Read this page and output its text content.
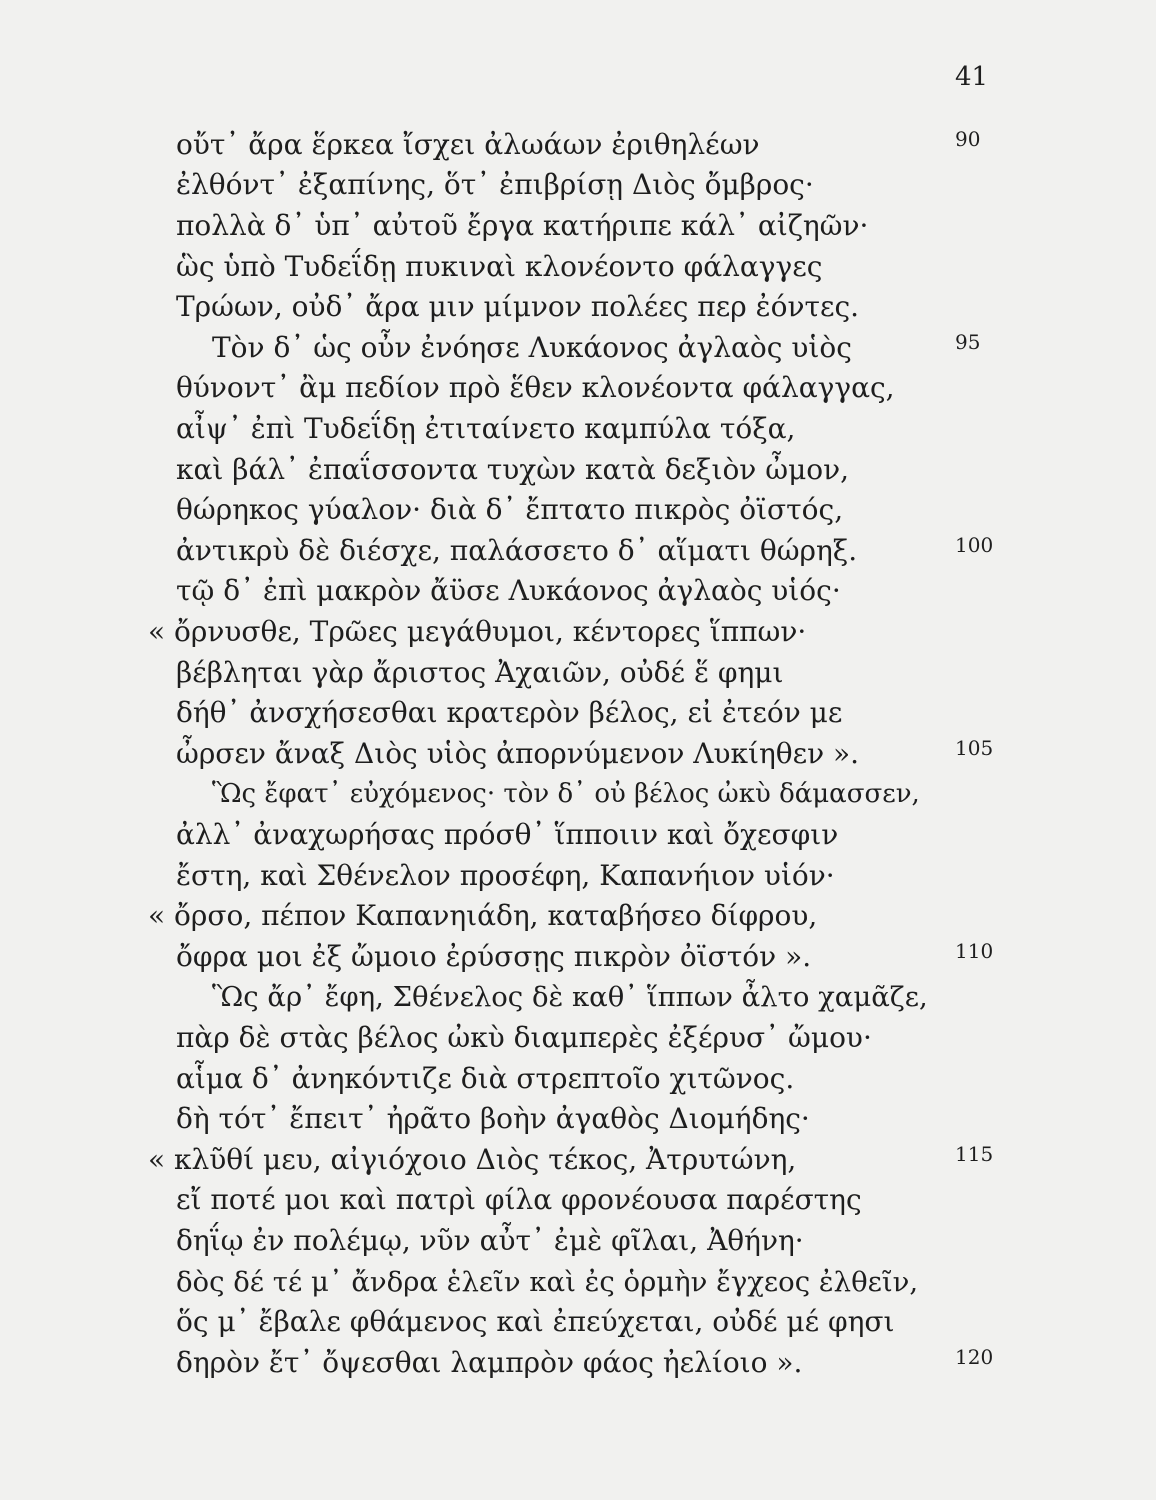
41
οὔτ᾽ ἄρα ἕρκεα ἴσχει ἀλωάων ἐριθηλέων	90
ἐλθόντ᾽ ἐξαπίνης, ὅτ᾽ ἐπιβρίσῃ Διὸς ὄμβρος·
πολλὰ δ᾽ ὑπ᾽ αὐτοῦ ἔργα κατήριπε κάλ᾽ αἰζηῶν·
ὣς ὑπὸ Τυδεΐδῃ πυκιναὶ κλονέοντο φάλαγγες
Τρώων, οὐδ᾽ ἄρα μιν μίμνον πολέες περ ἐόντες.
Τὸν δ᾽ ὡς οὖν ἐνόησε Λυκάονος ἀγλαὸς υἱὸς	95
θύνοντ᾽ ἂμ πεδίον πρὸ ἕθεν κλονέοντα φάλαγγας,
αἶψ᾽ ἐπὶ Τυδεΐδῃ ἐτιταίνετο καμπύλα τόξα,
καὶ βάλ᾽ ἐπαΐσσοντα τυχὼν κατὰ δεξιὸν ὦμον,
θώρηκος γύαλον· διὰ δ᾽ ἔπτατο πικρὸς ὀϊστός,
ἀντικρὺ δὲ διέσχε, παλάσσετο δ᾽ αἵματι θώρηξ.	100
τῷ δ᾽ ἐπὶ μακρὸν ἄϋσε Λυκάονος ἀγλαὸς υἱός·
« ὄρνυσθε, Τρῶες μεγάθυμοι, κέντορες ἵππων·
βέβληται γὰρ ἄριστος Ἀχαιῶν, οὐδέ ἕ φημι
δήθ᾽ ἀνσχήσεσθαι κρατερὸν βέλος, εἰ ἐτεόν με
ὦρσεν ἄναξ Διὸς υἱὸς ἀπορνύμενον Λυκίηθεν ».	105
Ὣς ἔφατ᾽ εὐχόμενος· τὸν δ᾽ οὐ βέλος ὠκὺ δάμασσεν,
ἀλλ᾽ ἀναχωρήσας πρόσθ᾽ ἵπποιιν καὶ ὄχεσφιν
ἔστη, καὶ Σθένελον προσέφη, Καπανήιον υἱόν·
« ὄρσο, πέπον Καπανηιάδη, καταβήσεο δίφρου,
ὄφρα μοι ἐξ ὤμοιο ἐρύσσῃς πικρὸν ὀϊστόν ».	110
Ὣς ἄρ᾽ ἔφη, Σθένελος δὲ καθ᾽ ἵππων ἆλτο χαμᾶζε,
πὰρ δὲ στὰς βέλος ὠκὺ διαμπερὲς ἐξέρυσ᾽ ὤμου·
αἷμα δ᾽ ἀνηκόντιζε διὰ στρεπτοῖο χιτῶνος.
δὴ τότ᾽ ἔπειτ᾽ ἠρᾶτο βοὴν ἀγαθὸς Διομήδης·
« κλῦθί μευ, αἰγιόχοιο Διὸς τέκος, Ἀτρυτώνη,	115
εἴ ποτέ μοι καὶ πατρὶ φίλα φρονέουσα παρέστης
δηΐῳ ἐν πολέμῳ, νῦν αὖτ᾽ ἐμὲ φῖλαι, Ἀθήνη·
δὸς δέ τέ μ᾽ ἄνδρα ἑλεῖν καὶ ἐς ὁρμὴν ἔγχεος ἐλθεῖν,
ὅς μ᾽ ἔβαλε φθάμενος καὶ ἐπεύχεται, οὐδέ μέ φησι
δηρὸν ἔτ᾽ ὄψεσθαι λαμπρὸν φάος ἠελίοιο ».	120
